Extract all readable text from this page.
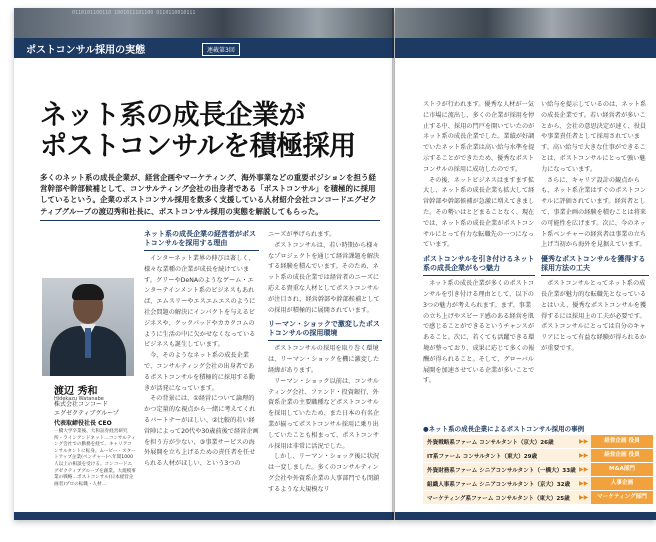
0110101100110 1001011101100 0110110010111
ポストコンサル採用の実態	連載第3回
ネット系の成長企業が
ポストコンサルを積極採用
多くのネット系の成長企業が、経営企画やマーケティング、海外事業などの重要ポジションを担う経営幹部や幹部候補として、コンサルティング会社の出身者である「ポストコンサル」を積極的に採用しているという。企業のポストコンサル採用を数多く支援している人材紹介会社コンコードエグゼクティブグループの渡辺秀和社長に、ポストコンサル採用の実態を解説してもらった。
渡辺 秀和
Hidekazu Watanabe
株式会社コンコード
エグゼクティブグループ
代表取締役社長 CEO
一橋大学卒業後、大和証券経営研究所・ラインアンドネット…コンサルティング会社での勤務を経て、キャリアコンサルタントに転身。ムービー・スタートアップ企業(ベンチャー)へ年間1000人以上の相談を受ける。コンコードエグゼクティブグループを創業。大規模事業の戦略…ポストコンサル(日本経営企画者)プロの転職・人材…
ネット系の成長企業の経営者がポストコンサルを採用する理由

インターネット業界の伸びは著しく、様々な業種の企業が成長を続けています。グリーやDeNAのようなゲーム・エンターテインメント系のビジネスもあれば、エムスリーやエスエムエスのように社会問題の解決にインパクトを与えるビジネスや、クックパッドやカカクコムのように生活の中に欠かせなくなっているビジネスも誕生しています。

今、そのようなネット系の成長企業で、コンサルティング会社の出身者であるポストコンサルを積極的に採用する動きが活発になっています。

その背景には、①経営について論理的かつ定量的な視点から一緒に考えてくれるパートナーがほしい、②比較的若い経営陣によって20代や30歳前後で経営企画を担う方が少ない、③事業サービスの海外展開を立ち上げるための責任者を任せられる人材がほしい、という3つの

ニーズが挙げられます。

ポストコンサルは、若い時期から様々なプロジェクトを通じて経営課題を解決する経験を積んでいます。そのため、ネット系の成長企業では経営者のニーズに応える貴重な人材としてポストコンサルが注目され、経営幹部や幹部候補としての採用が積極的に展開されています。

リーマン・ショックで激変したポストコンサルの採用環境

ポストコンサルの採用を取り巻く環境は、リーマン・ショックを機に激変した経緯があります。

リーマン・ショック以前は、コンサルティング会社、ファンド・投資銀行、外資系企業の主要職種などポストコンサルを採用していたため、また日本の有名企業が揃ってポストコンサル採用に乗り出していたことも相まって、ポストコンサル採用は非常に活況でした。

しかし、リーマン・ショック後に状況は一変しました。多くのコンサルティング会社や外資系企業の人事部門でも閉鎖するような大規模なリ

ストラが行われます。優秀な人材が一気に市場に流出し、多くの企業が採用を停止する中、採用の門戸を開いていたのがネット系の成長企業でした。業績が好調でいたネット系企業は高い給与水準を提示することができたため、優秀なポストコンサルの採用に成功したのです。

その後、ネットビジネスはますます拡大し、ネット系の成長企業も拡大して経営幹部や幹部候補が急激に増えてきました。その勢いはとどまることなく、現在では、ネット系の成長企業がポストコンサルにとって有力な転職先の一つになっています。

ポストコンサルを引き付けるネット系の成長企業がもつ魅力

ネット系の成長企業が多くのポストコンサルを引き付ける理由として、以下の3つの魅力が考えられます。まず、事業の立ち上げやスピード感のある経営を肌で感じることができるというチャンスがあること。次に、若くても活躍できる環境が整っており、成果に応じて多くの報酬が得られること。そして、グローバル展開を加速させている企業が多いことです。

い給与を提示しているのは、ネット系の成長企業です。若い経営者が多いことから、会社の意思決定が速く、役員や事業責任者として採用されています。高い給与で大きな仕事ができることは、ポストコンサルにとって強い魅力になっています。

さらに、キャリア設計の観点からも、ネット系企業はすぐのポストコンサルに評価されています。経営者として、事業企画の経験を積むことは将来の可能性を広げます。次に、今のネット系ベンチャーの経営者は事業の立ち上げ当初から海外を見据えています。

優秀なポストコンサルを獲得する採用方法の工夫

ポストコンサルとってネット系の成長企業が魅力的な転職先となっているとはいえ、優秀なポストコンサルを獲得するには採用上の工夫が必要です。ポストコンサルにとっては自分のキャリアにとって有益な経験が得られるかが重要です。

●ネット系の成長企業によるポストコンサル採用の事例
外資戦略系ファーム コンサルタント（京大）26歳	▶▶	経営企画 役員
IT系ファーム コンサルタント（東大）29歳	▶▶	経営企画 役員
外資財務系ファーム シニアコンサルタント（一橋大）33歳 ▶▶	M&A部門
組織人事系ファーム シニアコンサルタント（京大）32歳	▶▶	人事企画
マーケティング系ファーム コンサルタント（東大）25歳	▶▶	マーケティング部門
